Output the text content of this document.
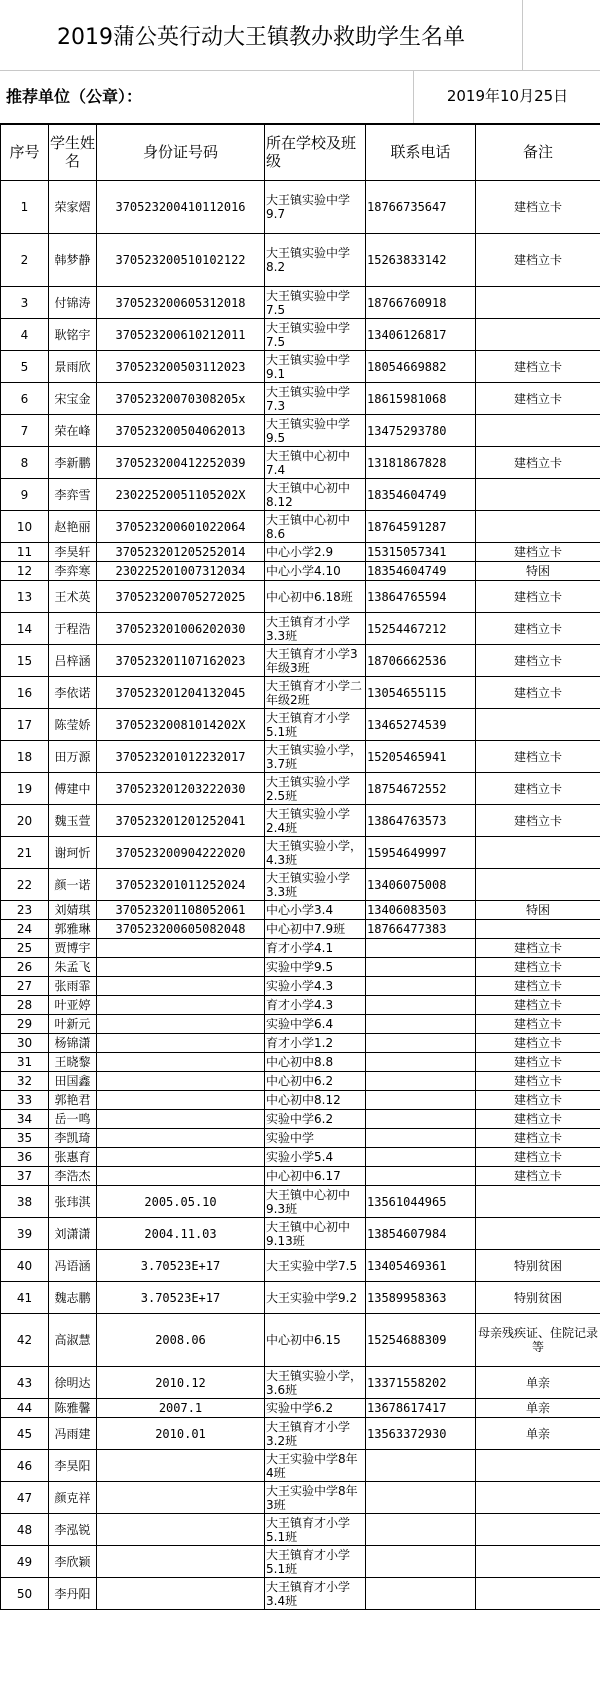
2019蒲公英行动大王镇教办救助学生名单
推荐单位（公章）：	2019年10月25日
序号	学生姓名	身份证号码	所在学校及班级	联系电话	备注
1	荣家熠	370523200410112016	大王镇实验中学9.7	18766735647	建档立卡
2	韩梦静	370523200510102122	大王镇实验中学8.2	15263833142	建档立卡
3	付锦涛	370523200605312018	大王镇实验中学7.5	18766760918	
4	耿铭宇	370523200610212011	大王镇实验中学7.5	13406126817	
5	景雨欣	370523200503112023	大王镇实验中学9.1	18054669882	建档立卡
6	宋宝金	37052320070308205x	大王镇实验中学7.3	18615981068	建档立卡
7	荣在峰	370523200504062013	大王镇实验中学9.5	13475293780	
8	李新鹏	370523200412252039	大王镇中心初中7.4	13181867828	建档立卡
9	李弈雪	23022520051105202X	大王镇中心初中8.12	18354604749	
10	赵艳丽	370523200601022064	大王镇中心初中8.6	18764591287	
11	李昊轩	370523201205252014	中心小学2.9	15315057341	建档立卡
12	李弈寒	230225201007312034	中心小学4.10	18354604749	特困
13	王术英	370523200705272025	中心初中6.18班	13864765594	建档立卡
14	于程浩	370523201006202030	大王镇育才小学3.3班	15254467212	建档立卡
15	吕梓涵	370523201107162023	大王镇育才小学3年级3班	18706662536	建档立卡
16	李依诺	370523201204132045	大王镇育才小学二年级2班	13054655115	建档立卡
17	陈莹娇	37052320081014202X	大王镇育才小学5.1班	13465274539	
18	田万源	370523201012232017	大王镇实验小学，3.7班	15205465941	建档立卡
19	傅建中	370523201203222030	大王镇实验小学2.5班	18754672552	建档立卡
20	魏玉萱	370523201201252041	大王镇实验小学2.4班	13864763573	建档立卡
21	谢珂忻	370523200904222020	大王镇实验小学，4.3班	15954649997	
22	颜一诺	370523201011252024	大王镇实验小学3.3班	13406075008	
23	刘婧琪	370523201108052061	中心小学3.4	13406083503	特困
24	郭雅琳	370523200605082048	中心初中7.9班	18766477383	
25	贾博宇		育才小学4.1		建档立卡
26	朱孟飞		实验中学9.5		建档立卡
27	张雨霏		实验小学4.3		建档立卡
28	叶亚婷		育才小学4.3		建档立卡
29	叶新元		实验中学6.4		建档立卡
30	杨锦潇		育才小学1.2		建档立卡
31	王晓黎		中心初中8.8		建档立卡
32	田国鑫		中心初中6.2		建档立卡
33	郭艳君		中心初中8.12		建档立卡
34	岳一鸣		实验中学6.2		建档立卡
35	李凯琦		实验中学		建档立卡
36	张惠育		实验小学5.4		建档立卡
37	李浩杰		中心初中6.17		建档立卡
38	张玮淇	2005.05.10	大王镇中心初中9.3班	13561044965	
39	刘潇潇	2004.11.03	大王镇中心初中9.13班	13854607984	
40	冯语涵	3.70523E+17	大王实验中学7.5	13405469361	特别贫困
41	魏志鹏	3.70523E+17	大王实验中学9.2	13589958363	特别贫困
42	高淑慧	2008.06	中心初中6.15	15254688309	母亲残疾证、住院记录等
43	徐明达	2010.12	大王镇实验小学，3.6班	13371558202	单亲
44	陈雅馨	2007.1	实验中学6.2	13678617417	单亲
45	冯雨建	2010.01	大王镇育才小学3.2班	13563372930	单亲
46	李昊阳		大王实验中学8年4班		
47	颜克祥		大王实验中学8年3班		
48	李泓锐		大王镇育才小学5.1班		
49	李欣颖		大王镇育才小学5.1班		
50	李丹阳		大王镇育才小学3.4班		
